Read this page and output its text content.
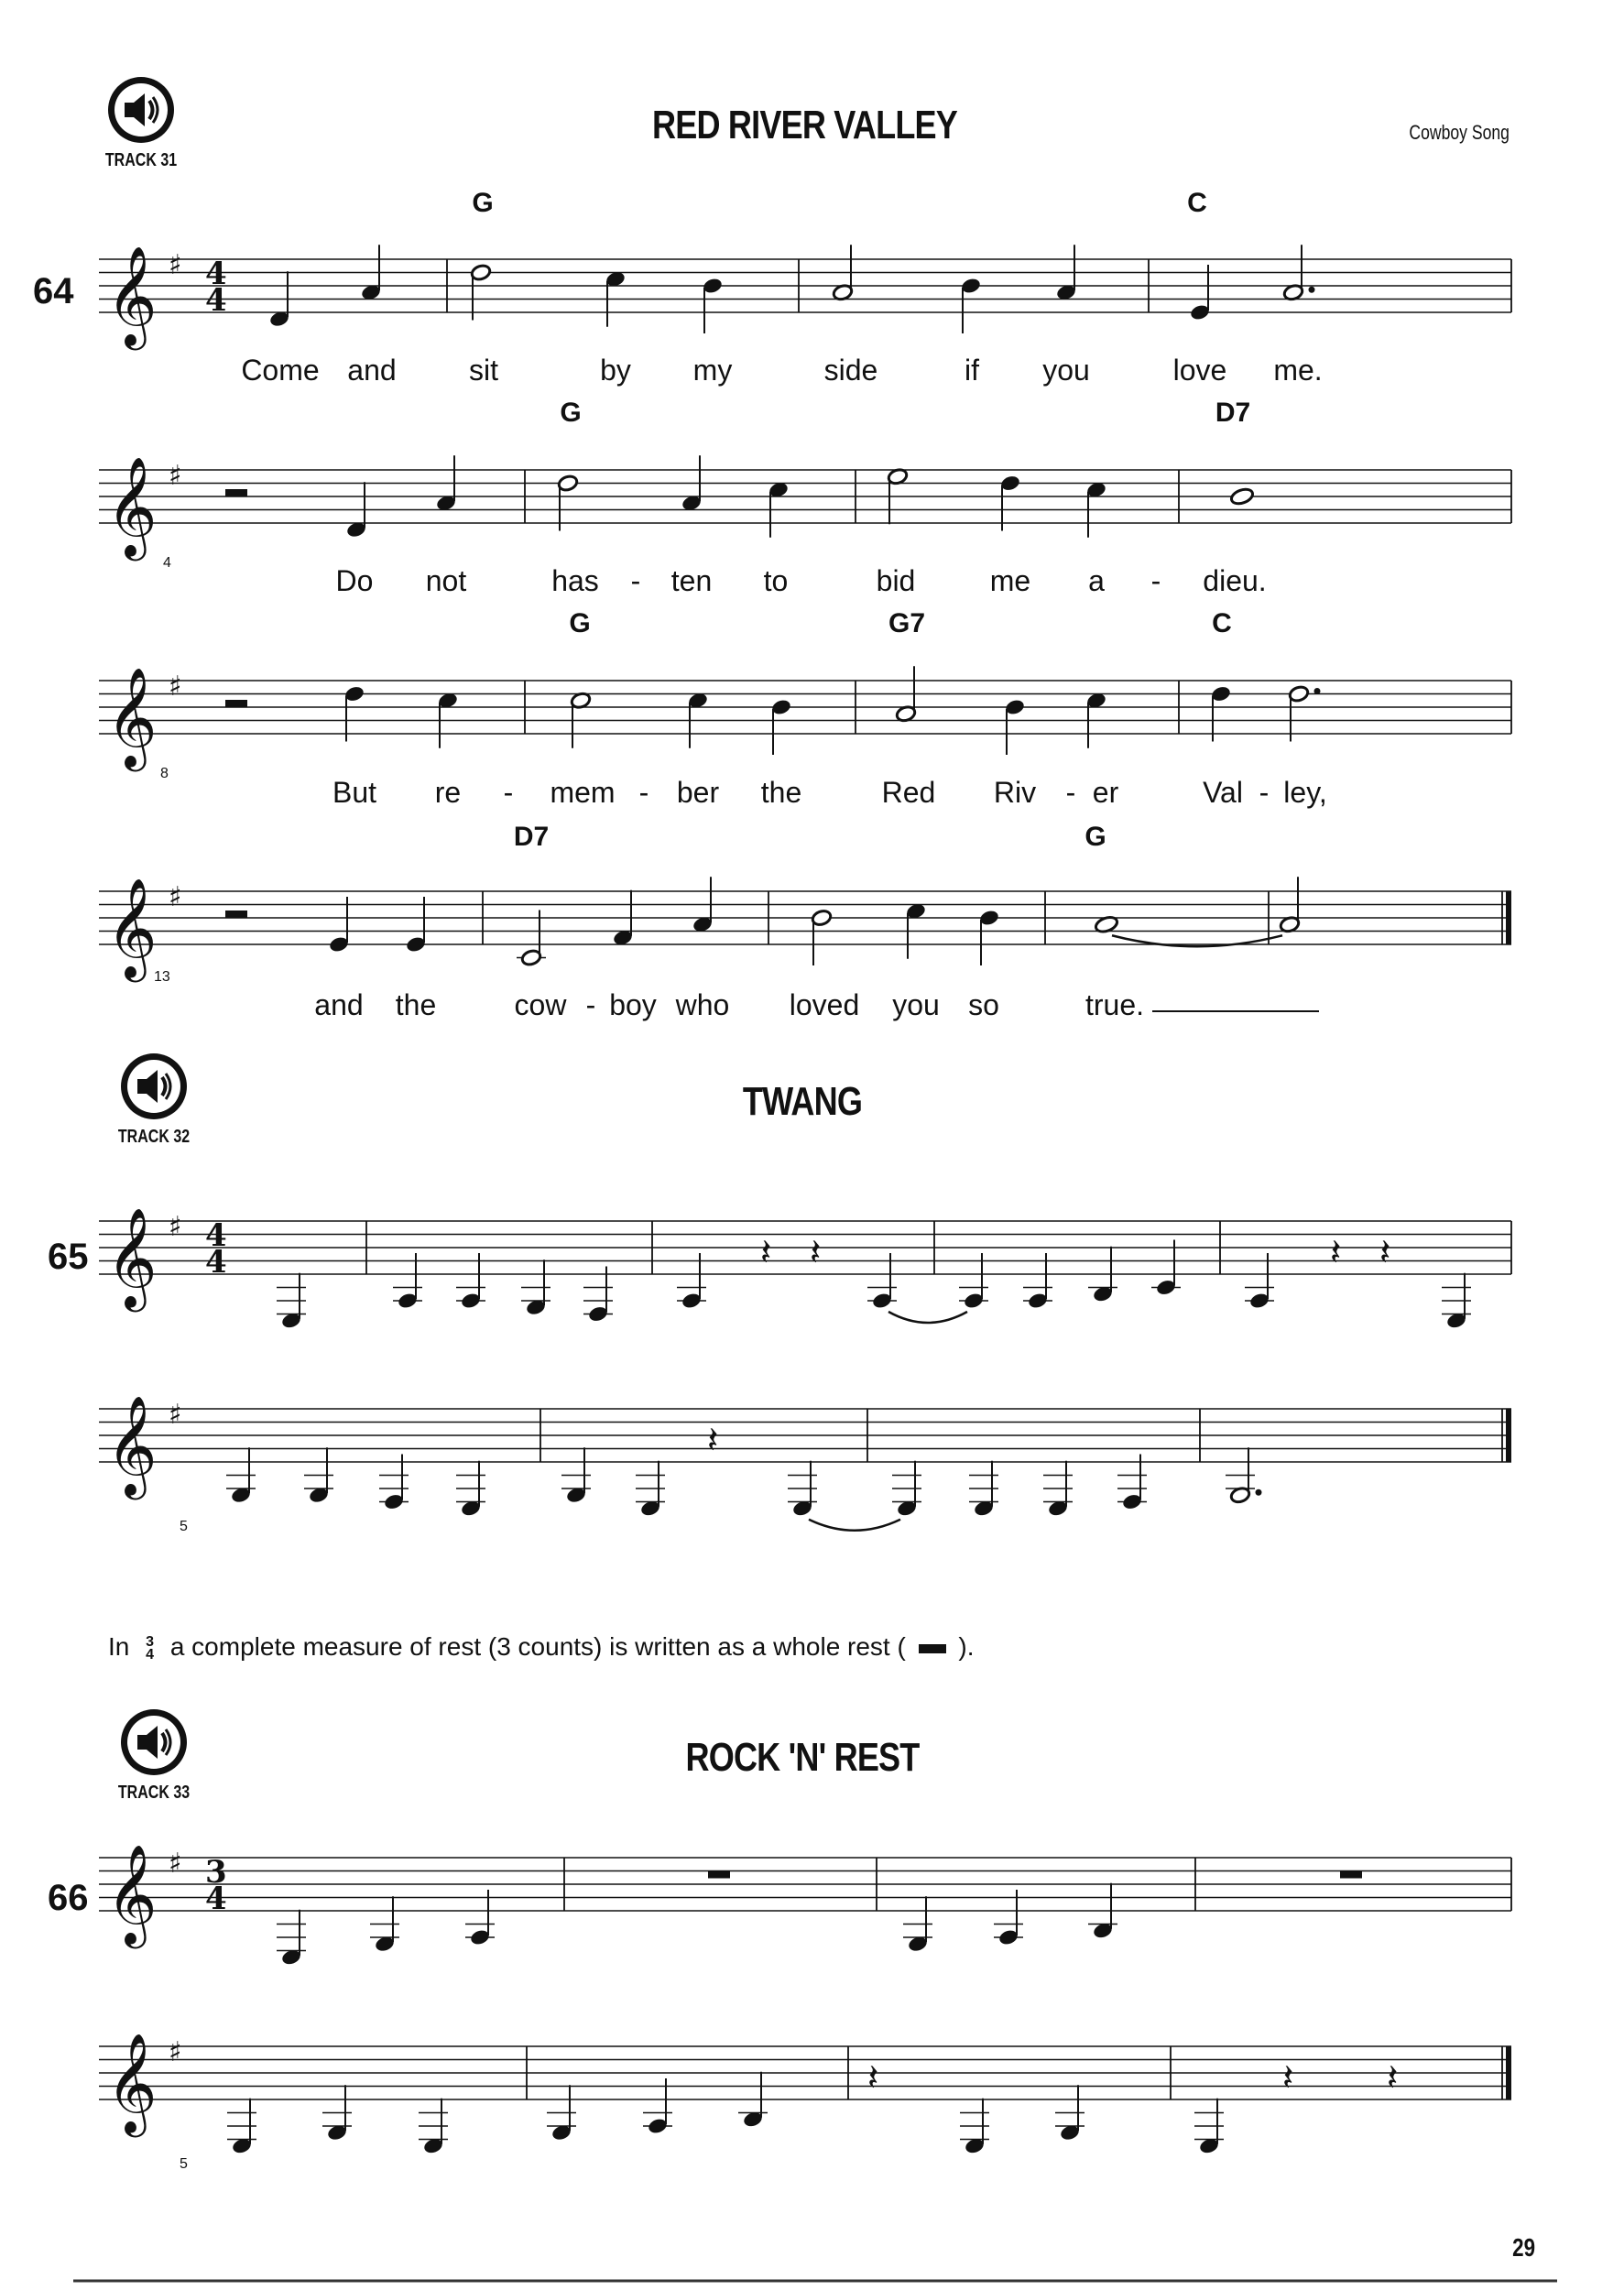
TRACK 31
RED RIVER VALLEY	Cowboy Song
64
G	C
Come and sit	by my	side	if you	love me.
G	D7
4
Do not	has - ten to	bid	me a - dieu.
G	G7	C
8
But re - mem - ber the	Red Riv - er	Val - ley,
D7	G
13
and the	cow - boy who loved you so	true.
TRACK 32
TWANG
65
5
In 3
4 a complete measure of rest (3 counts) is written as a whole rest ( ).
TRACK 33
ROCK 'N' REST
66
5
29
𝄞 ♯ 4
4
𝄞 ♯
𝄞 ♯
𝄞 ♯
𝄞 ♯ 4
4	𝄽 𝄽	𝄽 𝄽
𝄞 ♯
𝄽
𝄞 ♯ 3
4
𝄞 ♯
𝄽	𝄽	𝄽
